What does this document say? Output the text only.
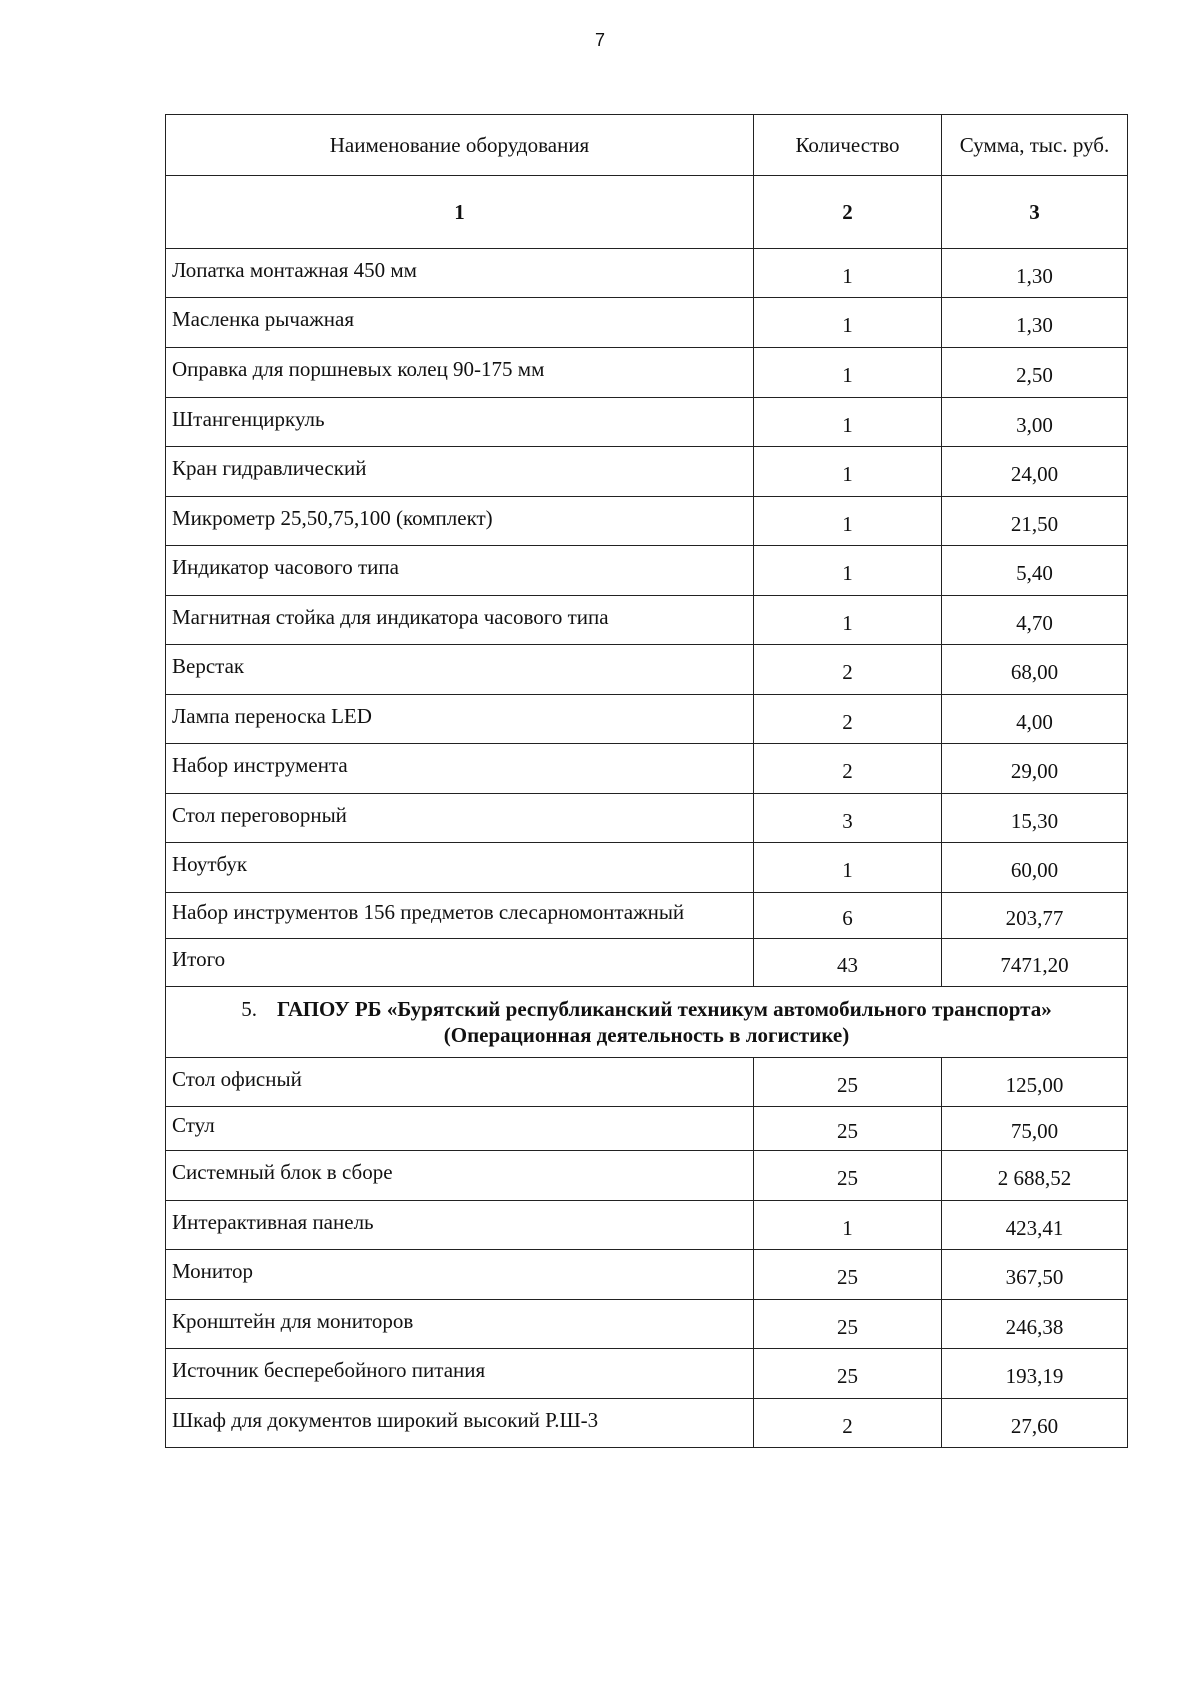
7
Наименование оборудования	Количество	Сумма, тыс. руб.
1	2	3
Лопатка монтажная 450 мм	1	1,30
Масленка рычажная	1	1,30
Оправка для поршневых колец 90-175 мм	1	2,50
Штангенциркуль	1	3,00
Кран гидравлический	1	24,00
Микрометр 25,50,75,100 (комплект)	1	21,50
Индикатор часового типа	1	5,40
Магнитная стойка для индикатора часового типа	1	4,70
Верстак	2	68,00
Лампа переноска LED	2	4,00
Набор инструмента	2	29,00
Стол переговорный	3	15,30
Ноутбук	1	60,00
Набор инструментов 156 предметов слесарномонтажный	6	203,77
Итого	43	7471,20

5. ГАПОУ РБ «Бурятский республиканский техникум автомобильного транспорта»
(Операционная деятельность в логистике)		

Стол офисный	25	125,00
Стул	25	75,00
Системный блок в сборе	25	2 688,52
Интерактивная панель	1	423,41
Монитор	25	367,50
Кронштейн для мониторов	25	246,38
Источник бесперебойного питания	25	193,19
Шкаф для документов широкий высокий Р.Ш-3	2	27,60
